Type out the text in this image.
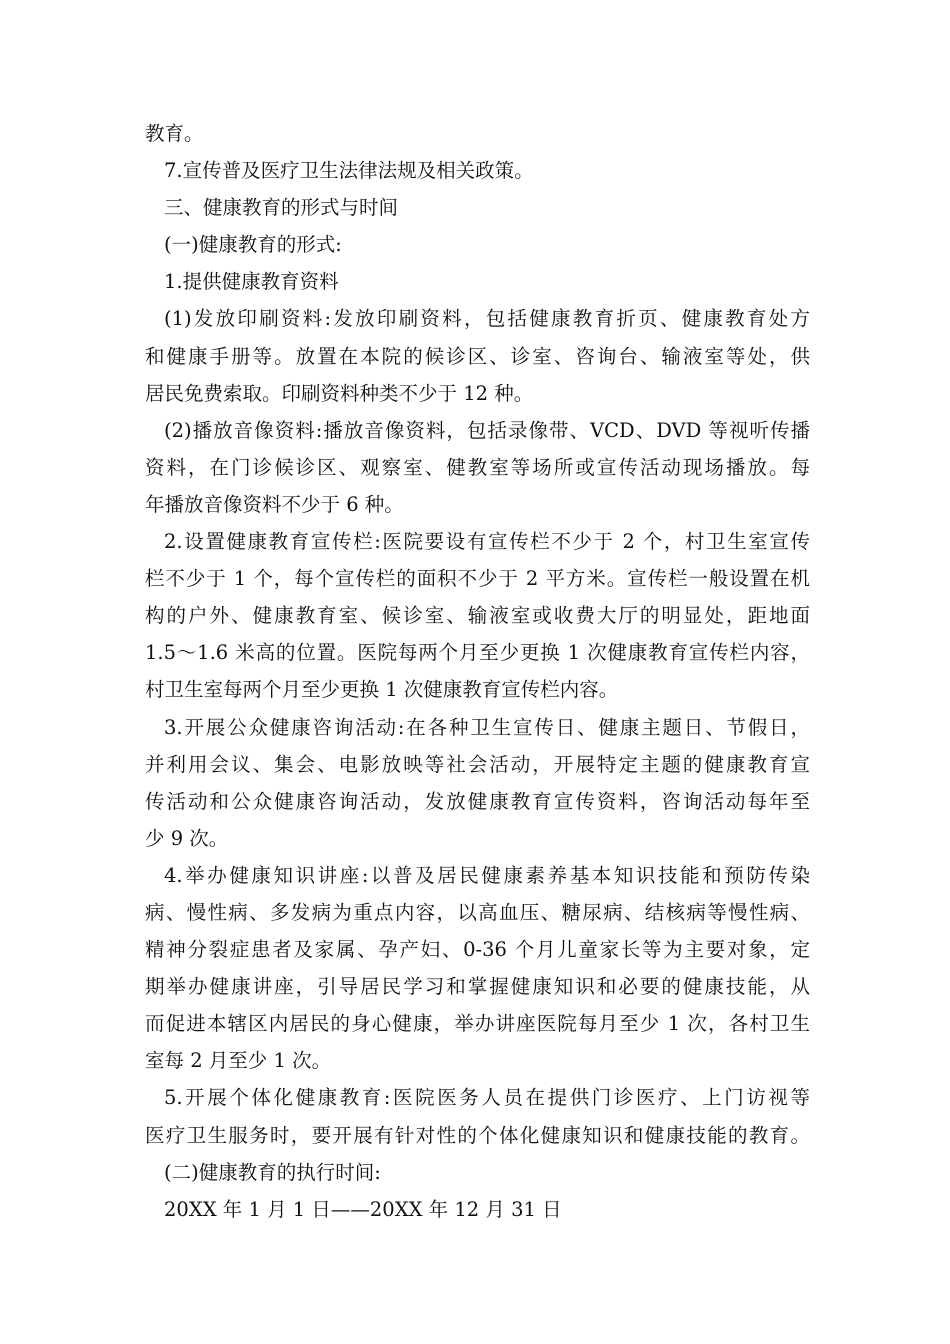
教育。
7.宣传普及医疗卫生法律法规及相关政策。
三、健康教育的形式与时间
(一)健康教育的形式:
1.提供健康教育资料
(1)发放印刷资料:发放印刷资料，包括健康教育折页、健康教育处方
和健康手册等。放置在本院的候诊区、诊室、咨询台、输液室等处，供
居民免费索取。印刷资料种类不少于 12 种。
(2)播放音像资料:播放音像资料，包括录像带、VCD、DVD 等视听传播
资料，在门诊候诊区、观察室、健教室等场所或宣传活动现场播放。每
年播放音像资料不少于 6 种。
2.设置健康教育宣传栏:医院要设有宣传栏不少于 2 个，村卫生室宣传
栏不少于 1 个，每个宣传栏的面积不少于 2 平方米。宣传栏一般设置在机
构的户外、健康教育室、候诊室、输液室或收费大厅的明显处，距地面
1.5～1.6 米高的位置。医院每两个月至少更换 1 次健康教育宣传栏内容，
村卫生室每两个月至少更换 1 次健康教育宣传栏内容。
3.开展公众健康咨询活动:在各种卫生宣传日、健康主题日、节假日，
并利用会议、集会、电影放映等社会活动，开展特定主题的健康教育宣
传活动和公众健康咨询活动，发放健康教育宣传资料，咨询活动每年至
少 9 次。
4.举办健康知识讲座:以普及居民健康素养基本知识技能和预防传染
病、慢性病、多发病为重点内容，以高血压、糖尿病、结核病等慢性病、
精神分裂症患者及家属、孕产妇、0-36 个月儿童家长等为主要对象，定
期举办健康讲座，引导居民学习和掌握健康知识和必要的健康技能，从
而促进本辖区内居民的身心健康，举办讲座医院每月至少 1 次，各村卫生
室每 2 月至少 1 次。
5.开展个体化健康教育:医院医务人员在提供门诊医疗、上门访视等
医疗卫生服务时，要开展有针对性的个体化健康知识和健康技能的教育。
(二)健康教育的执行时间:
20XX 年 1 月 1 日——20XX 年 12 月 31 日
